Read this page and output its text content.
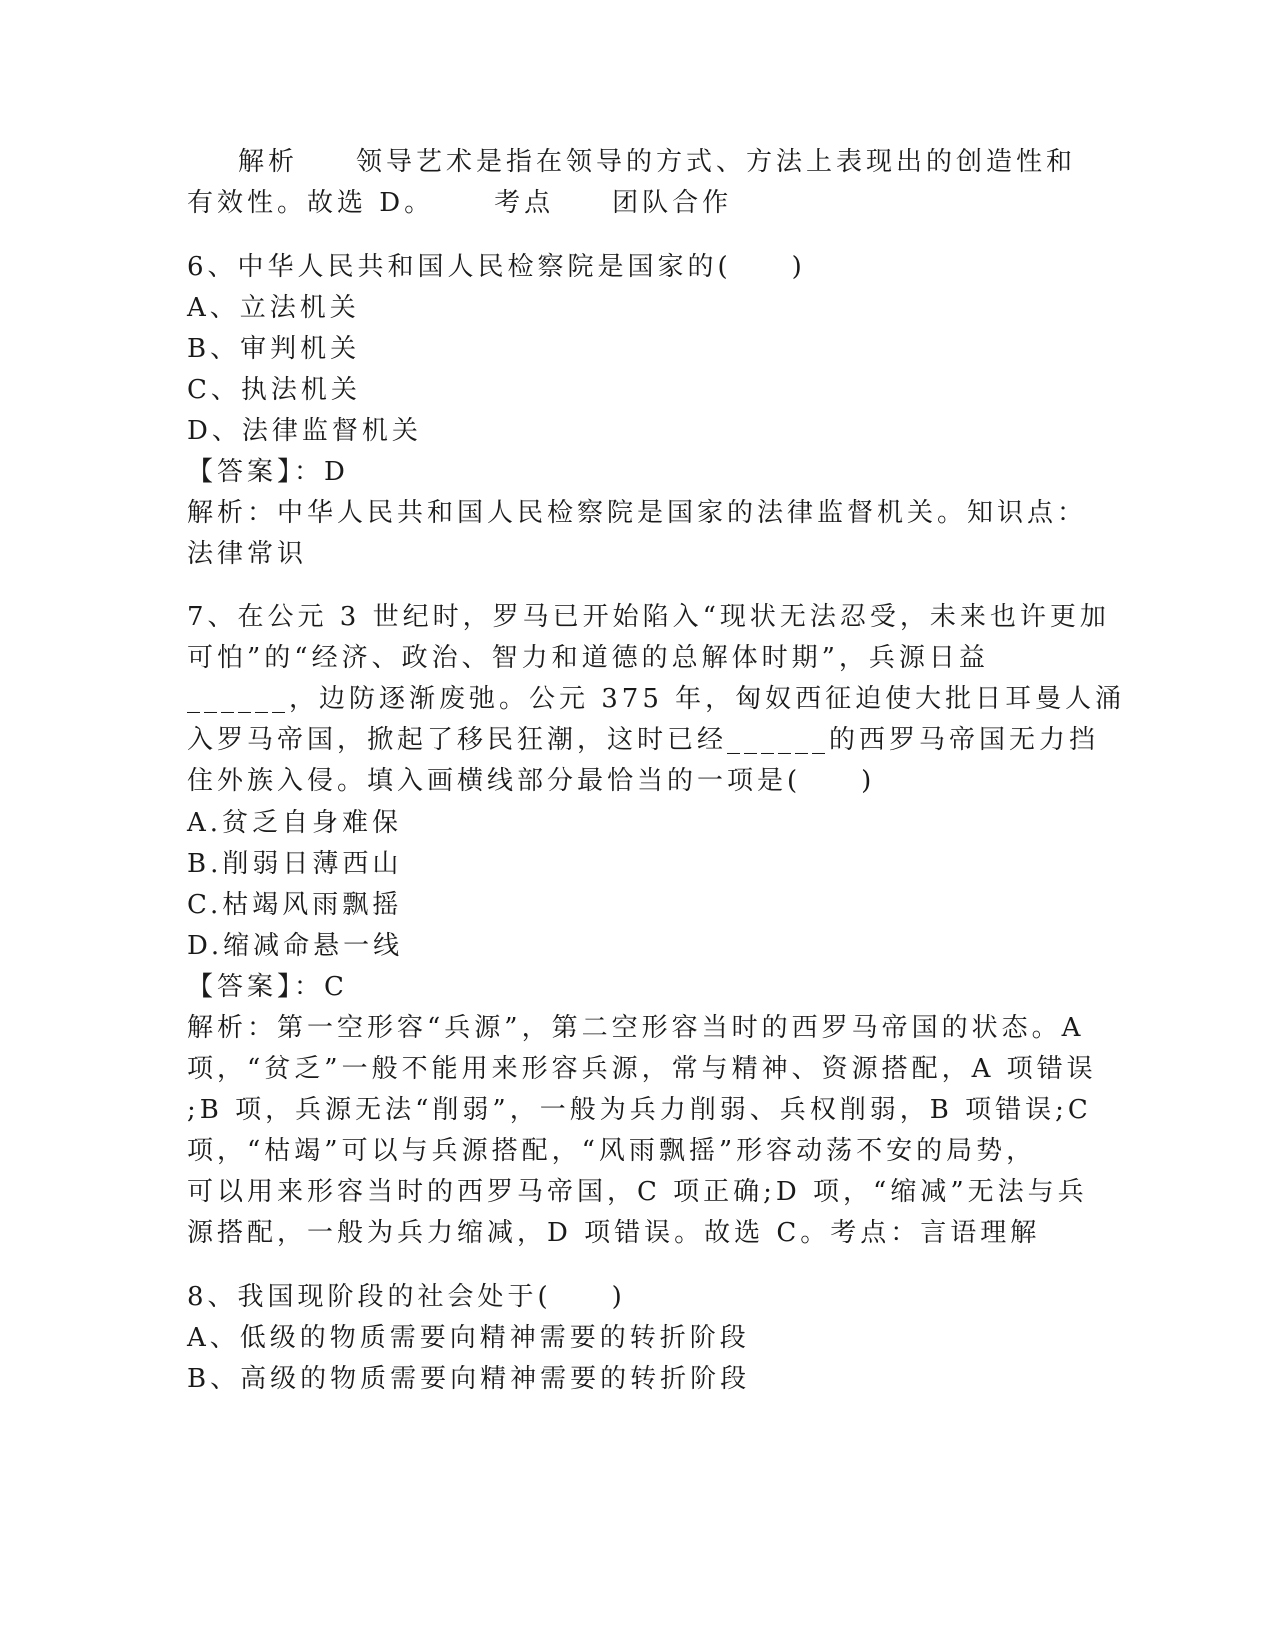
解析 领导艺术是指在领导的方式、方法上表现出的创造性和
有效性。故选 D。 考点 团队合作
6、中华人民共和国人民检察院是国家的(　　)
A、立法机关
B、审判机关
C、执法机关
D、法律监督机关
【答案】：D
解析：中华人民共和国人民检察院是国家的法律监督机关。知识点：
法律常识
7、在公元 3 世纪时，罗马已开始陷入“现状无法忍受，未来也许更加
可怕”的“经济、政治、智力和道德的总解体时期”，兵源日益
______，边防逐渐废弛。公元 375 年，匈奴西征迫使大批日耳曼人涌
入罗马帝国，掀起了移民狂潮，这时已经______的西罗马帝国无力挡
住外族入侵。填入画横线部分最恰当的一项是(　　)
A.贫乏自身难保
B.削弱日薄西山
C.枯竭风雨飘摇
D.缩减命悬一线
【答案】：C
解析：第一空形容“兵源”，第二空形容当时的西罗马帝国的状态。A
项，“贫乏”一般不能用来形容兵源，常与精神、资源搭配，A 项错误
;B 项，兵源无法“削弱”，一般为兵力削弱、兵权削弱，B 项错误;C
项，“枯竭”可以与兵源搭配，“风雨飘摇”形容动荡不安的局势，
可以用来形容当时的西罗马帝国，C 项正确;D 项，“缩减”无法与兵
源搭配，一般为兵力缩减，D 项错误。故选 C。考点：言语理解
8、我国现阶段的社会处于(　　)
A、低级的物质需要向精神需要的转折阶段
B、高级的物质需要向精神需要的转折阶段
